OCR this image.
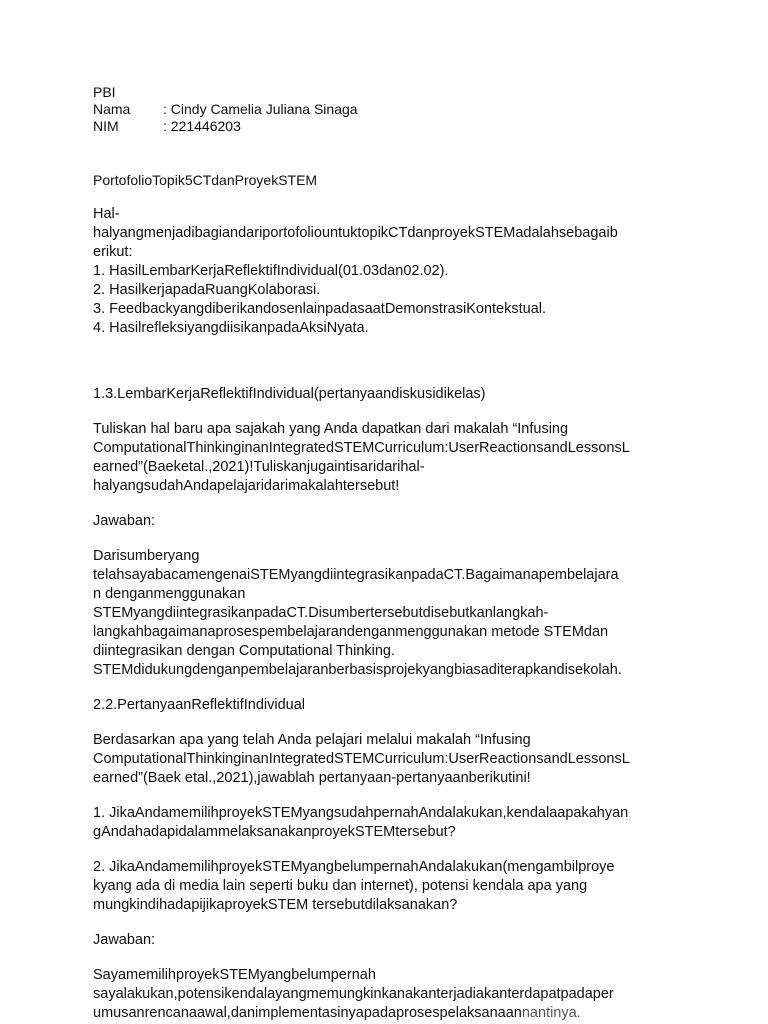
PBI
Nama	: Cindy Camelia Juliana Sinaga
NIM	: 221446203
PortofolioTopik5CTdanProyekSTEM
Hal-
halyangmenjadibagiandariportofoliountuktopikCTdanproyekSTEMadalahsebagaib
erikut:
1. HasilLembarKerjaReflektifIndividual(01.03dan02.02).
2. HasilkerjapadaRuangKolaborasi.
3. FeedbackyangdiberikandosenlainpadasaatDemonstrasiKontekstual.
4. HasilrefleksiyangdiisikanpadaAksiNyata.
1.3.LembarKerjaReflektifIndividual(pertanyaandiskusidikelas)
Tuliskan hal baru apa sajakah yang Anda dapatkan dari makalah “Infusing
ComputationalThinkinginanIntegratedSTEMCurriculum:UserReactionsandLessonsL
earned”(Baeketal.,2021)!Tuliskanjugaintisaridarihal-
halyangsudahAndapelajaridarimakalahtersebut!
Jawaban:
Darisumberyang
telahsayabacamengenaiSTEMyangdiintegrasikanpadaCT.Bagaimanapembelajara
n denganmenggunakan
STEMyangdiintegrasikanpadaCT.Disumbertersebutdisebutkanlangkah-
langkahbagaimanaprosespembelajarandenganmenggunakan metode STEMdan
diintegrasikan dengan Computational Thinking.
STEMdidukungdenganpembelajaranberbasisprojekyangbiasaditerapkandisekolah.
2.2.PertanyaanReflektifIndividual
Berdasarkan apa yang telah Anda pelajari melalui makalah “Infusing
ComputationalThinkinginanIntegratedSTEMCurriculum:UserReactionsandLessonsL
earned”(Baek etal.,2021),jawablah pertanyaan-pertanyaanberikutini!
1. JikaAndamemilihproyekSTEMyangsudahpernahAndalakukan,kendalaapakahyan
gAndahadapidalammelaksanakanproyekSTEMtersebut?
2. JikaAndamemilihproyekSTEMyangbelumpernahAndalakukan(mengambilproye
kyang ada di media lain seperti buku dan internet), potensi kendala apa yang
mungkindihadapijikaproyekSTEM tersebutdilaksanakan?
Jawaban:
SayamemilihproyekSTEMyangbelumpernah
sayalakukan,potensikendalayangmemungkinkanakanterjadiakanterdapatpadaper
umusanrencanaawal,danimplementasinyapadaprosespelaksanaannantinya.
